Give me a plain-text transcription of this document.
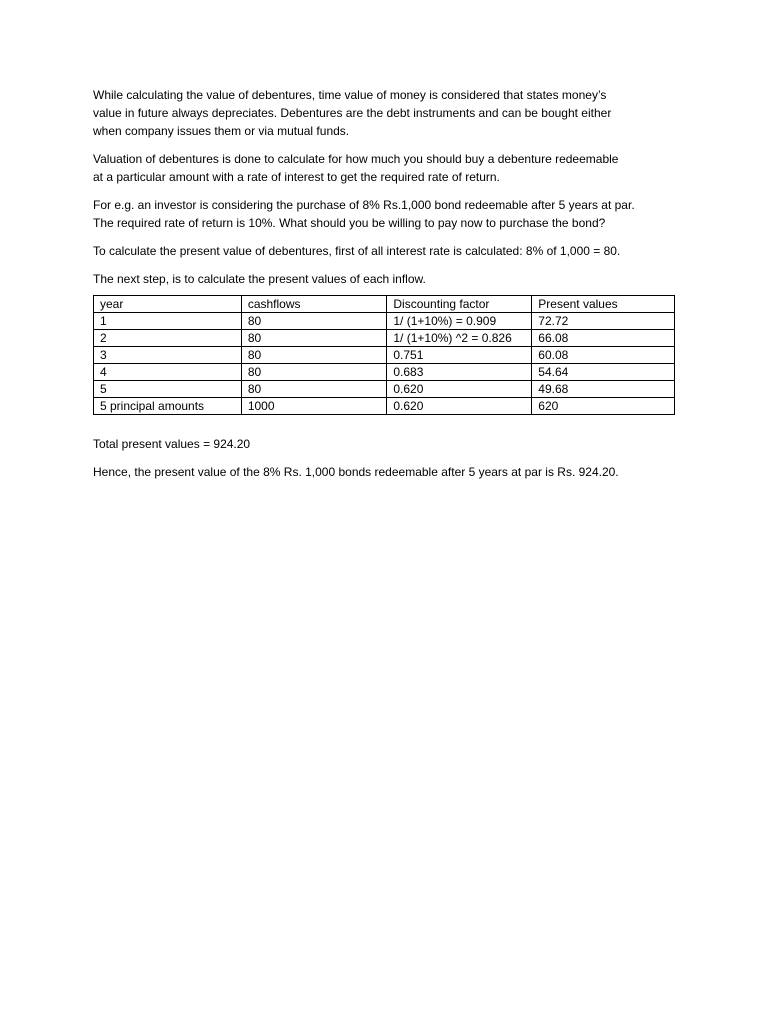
While calculating the value of debentures, time value of money is considered that states money’s
value in future always depreciates. Debentures are the debt instruments and can be bought either
when company issues them or via mutual funds.

Valuation of debentures is done to calculate for how much you should buy a debenture redeemable
at a particular amount with a rate of interest to get the required rate of return.

For e.g. an investor is considering the purchase of 8% Rs.1,000 bond redeemable after 5 years at par.
The required rate of return is 10%. What should you be willing to pay now to purchase the bond?

To calculate the present value of debentures, first of all interest rate is calculated: 8% of 1,000 = 80.

The next step, is to calculate the present values of each inflow.

year	cashflows	Discounting factor	Present values
1	80	1/ (1+10%) = 0.909	72.72
2	80	1/ (1+10%) ^2 = 0.826	66.08
3	80	0.751	60.08
4	80	0.683	54.64
5	80	0.620	49.68
5 principal amounts	1000	0.620	620

Total present values = 924.20

Hence, the present value of the 8% Rs. 1,000 bonds redeemable after 5 years at par is Rs. 924.20.
